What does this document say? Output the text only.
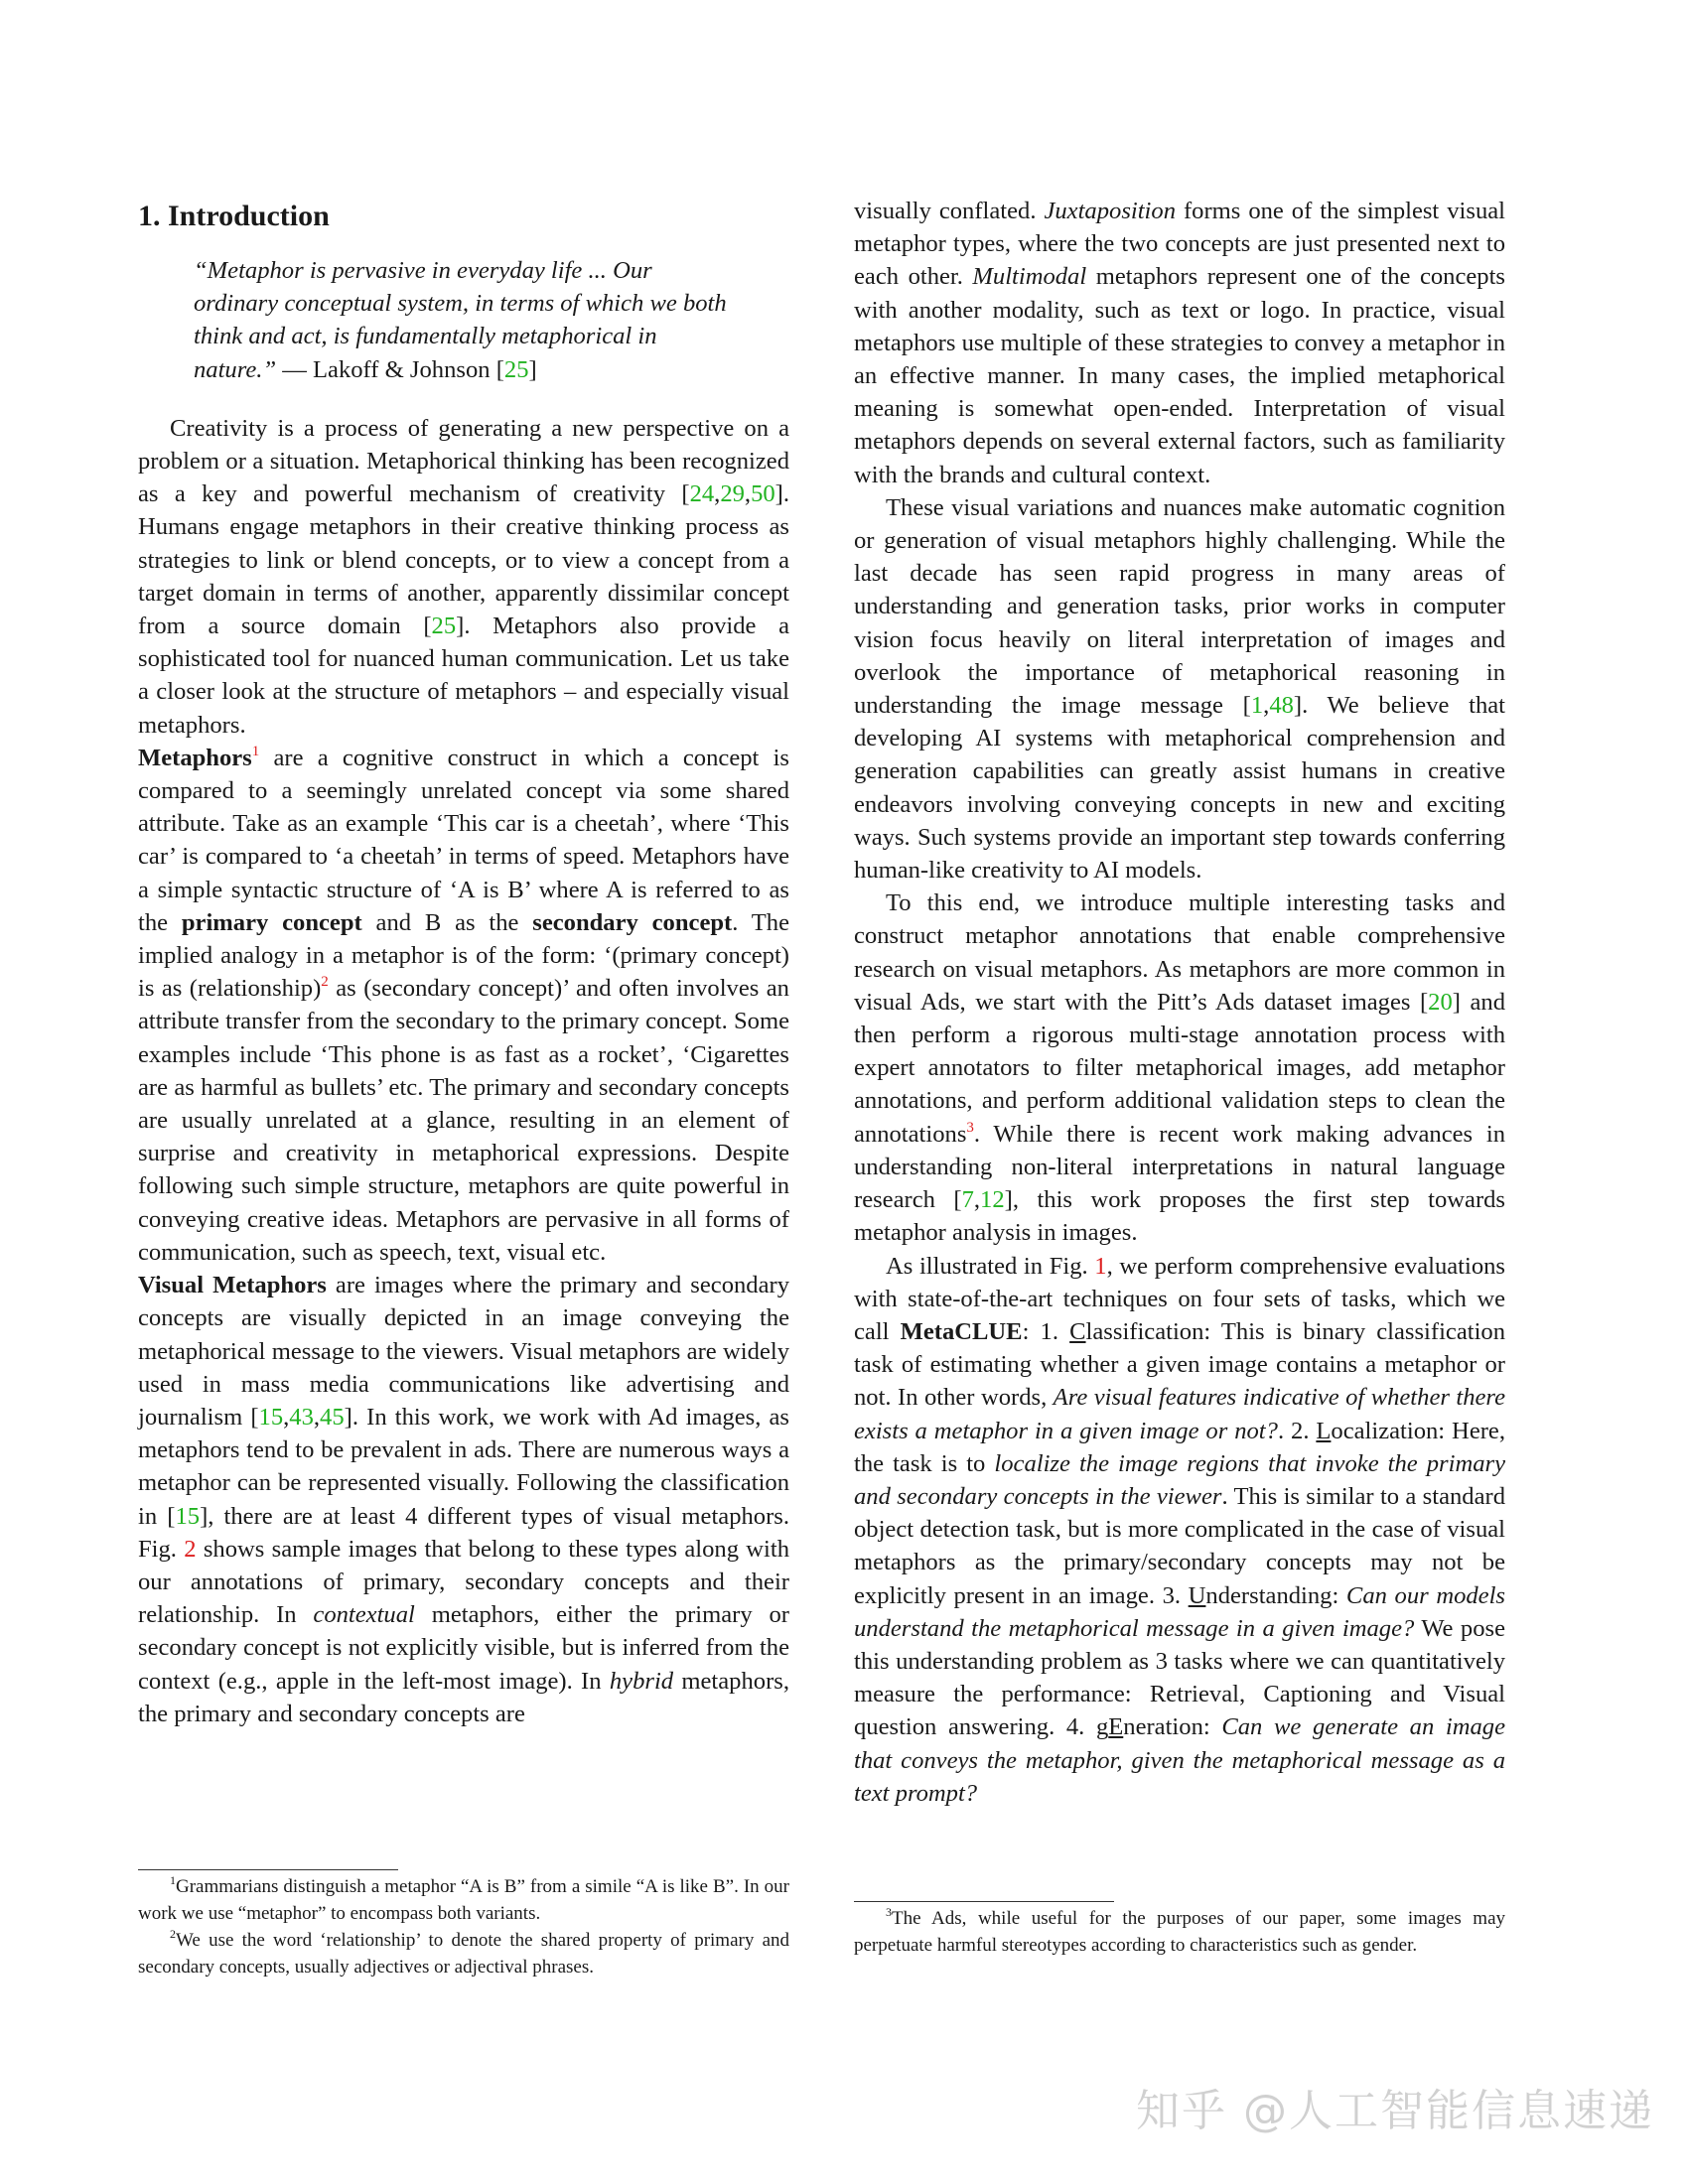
1. Introduction
“Metaphor is pervasive in everyday life ... Our ordinary conceptual system, in terms of which we both think and act, is fundamentally metaphorical in nature.” — Lakoff & Johnson [25]

Creativity is a process of generating a new perspective on a problem or a situation. Metaphorical thinking has been recognized as a key and powerful mechanism of creativity [24,29,50]. Humans engage metaphors in their creative thinking process as strategies to link or blend concepts, or to view a concept from a target domain in terms of another, apparently dissimilar concept from a source domain [25]. Metaphors also provide a sophisticated tool for nuanced human communication. Let us take a closer look at the structure of metaphors – and especially visual metaphors.

Metaphors$^1$ are a cognitive construct in which a concept is compared to a seemingly unrelated concept via some shared attribute. Take as an example ‘This car is a cheetah’, where ‘This car’ is compared to ‘a cheetah’ in terms of speed. Metaphors have a simple syntactic structure of ‘A is B’ where A is referred to as the primary concept and B as the secondary concept. The implied analogy in a metaphor is of the form: ‘(primary concept) is as (relationship)$^2$ as (secondary concept)’ and often involves an attribute transfer from the secondary to the primary concept. Some examples include ‘This phone is as fast as a rocket’, ‘Cigarettes are as harmful as bullets’ etc. The primary and secondary concepts are usually unrelated at a glance, resulting in an element of surprise and creativity in metaphorical expressions. Despite following such simple structure, metaphors are quite powerful in conveying creative ideas. Metaphors are pervasive in all forms of communication, such as speech, text, visual etc.

Visual Metaphors are images where the primary and secondary concepts are visually depicted in an image conveying the metaphorical message to the viewers. Visual metaphors are widely used in mass media communications like advertising and journalism [15,43,45]. In this work, we work with Ad images, as metaphors tend to be prevalent in ads. There are numerous ways a metaphor can be represented visually. Following the classification in [15], there are at least 4 different types of visual metaphors. Fig. 2 shows sample images that belong to these types along with our annotations of primary, secondary concepts and their relationship. In contextual metaphors, either the primary or secondary concept is not explicitly visible, but is inferred from the context (e.g., apple in the left-most image). In hybrid metaphors, the primary and secondary concepts are

$^1$Grammarians distinguish a metaphor “A is B” from a simile “A is like B”. In our work we use “metaphor” to encompass both variants.

$^2$We use the word ‘relationship’ to denote the shared property of primary and secondary concepts, usually adjectives or adjectival phrases.

visually conflated. Juxtaposition forms one of the simplest visual metaphor types, where the two concepts are just presented next to each other. Multimodal metaphors represent one of the concepts with another modality, such as text or logo. In practice, visual metaphors use multiple of these strategies to convey a metaphor in an effective manner. In many cases, the implied metaphorical meaning is somewhat open-ended. Interpretation of visual metaphors depends on several external factors, such as familiarity with the brands and cultural context.

These visual variations and nuances make automatic cognition or generation of visual metaphors highly challenging. While the last decade has seen rapid progress in many areas of understanding and generation tasks, prior works in computer vision focus heavily on literal interpretation of images and overlook the importance of metaphorical reasoning in understanding the image message [1,48]. We believe that developing AI systems with metaphorical comprehension and generation capabilities can greatly assist humans in creative endeavors involving conveying concepts in new and exciting ways. Such systems provide an important step towards conferring human-like creativity to AI models.

To this end, we introduce multiple interesting tasks and construct metaphor annotations that enable comprehensive research on visual metaphors. As metaphors are more common in visual Ads, we start with the Pitt’s Ads dataset images [20] and then perform a rigorous multi-stage annotation process with expert annotators to filter metaphorical images, add metaphor annotations, and perform additional validation steps to clean the annotations$^3$. While there is recent work making advances in understanding non-literal interpretations in natural language research [7,12], this work proposes the first step towards metaphor analysis in images.

As illustrated in Fig. 1, we perform comprehensive evaluations with state-of-the-art techniques on four sets of tasks, which we call MetaCLUE: 1. Classification: This is binary classification task of estimating whether a given image contains a metaphor or not. In other words, Are visual features indicative of whether there exists a metaphor in a given image or not?. 2. Localization: Here, the task is to localize the image regions that invoke the primary and secondary concepts in the viewer. This is similar to a standard object detection task, but is more complicated in the case of visual metaphors as the primary/secondary concepts may not be explicitly present in an image. 3. Understanding: Can our models understand the metaphorical message in a given image? We pose this understanding problem as 3 tasks where we can quantitatively measure the performance: Retrieval, Captioning and Visual question answering. 4. gEneration: Can we generate an image that conveys the metaphor, given the metaphorical message as a text prompt?

$^3$The Ads, while useful for the purposes of our paper, some images may perpetuate harmful stereotypes according to characteristics such as gender.

知乎 @人工智能信息速递
